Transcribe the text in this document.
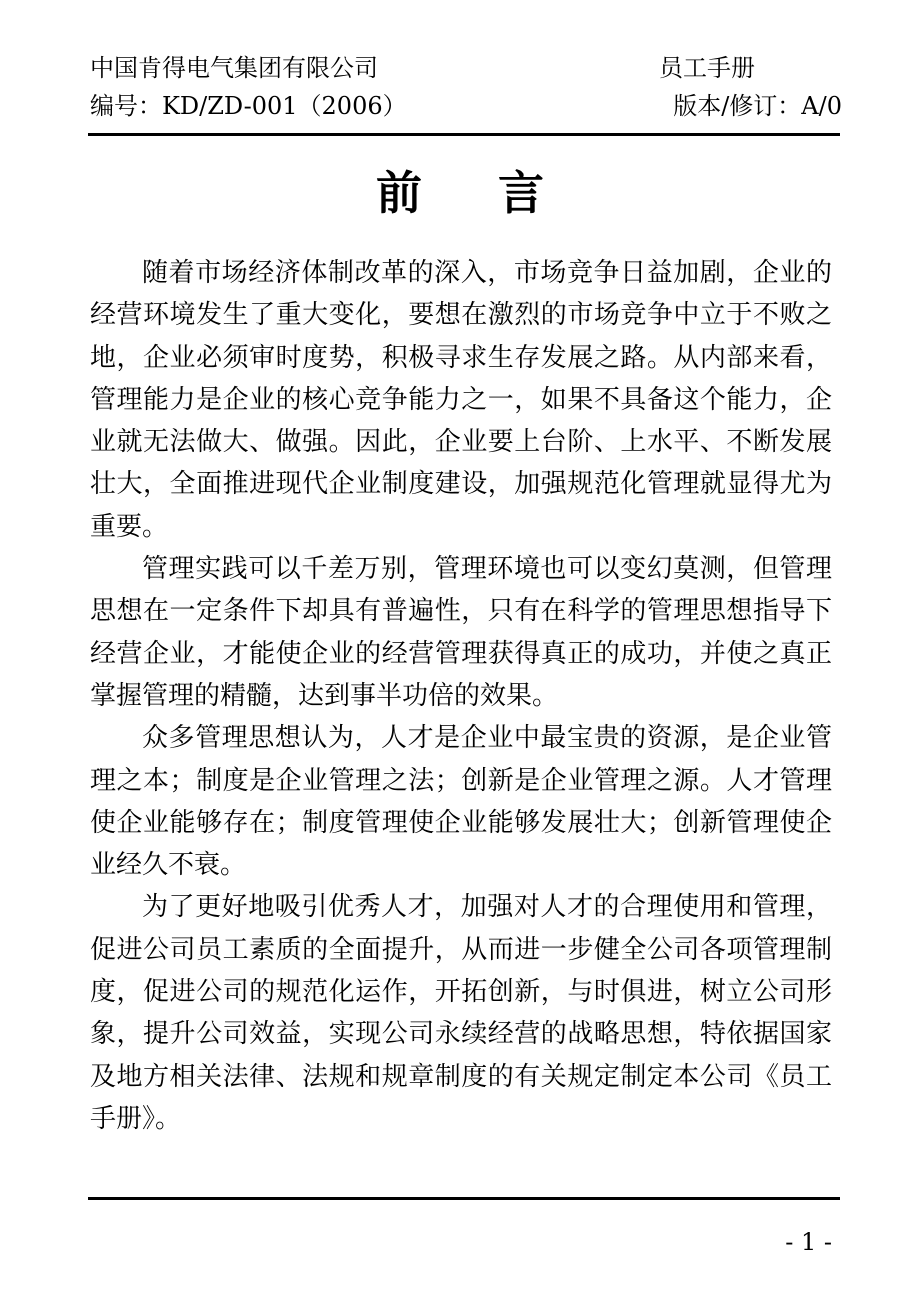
中国肯得电气集团有限公司	员工手册
编号：KD/ZD-001（2006）	版本/修订：A/0
前言

随着市场经济体制改革的深入，市场竞争日益加剧，企业的经营环境发生了重大变化，要想在激烈的市场竞争中立于不败之地，企业必须审时度势，积极寻求生存发展之路。从内部来看，管理能力是企业的核心竞争能力之一，如果不具备这个能力，企业就无法做大、做强。因此，企业要上台阶、上水平、不断发展壮大，全面推进现代企业制度建设，加强规范化管理就显得尤为重要。

管理实践可以千差万别，管理环境也可以变幻莫测，但管理思想在一定条件下却具有普遍性，只有在科学的管理思想指导下经营企业，才能使企业的经营管理获得真正的成功，并使之真正掌握管理的精髓，达到事半功倍的效果。

众多管理思想认为，人才是企业中最宝贵的资源，是企业管理之本；制度是企业管理之法；创新是企业管理之源。人才管理使企业能够存在；制度管理使企业能够发展壮大；创新管理使企业经久不衰。

为了更好地吸引优秀人才，加强对人才的合理使用和管理，促进公司员工素质的全面提升，从而进一步健全公司各项管理制度，促进公司的规范化运作，开拓创新，与时俱进，树立公司形象，提升公司效益，实现公司永续经营的战略思想，特依据国家及地方相关法律、法规和规章制度的有关规定制定本公司《员工手册》。

- 1 -
